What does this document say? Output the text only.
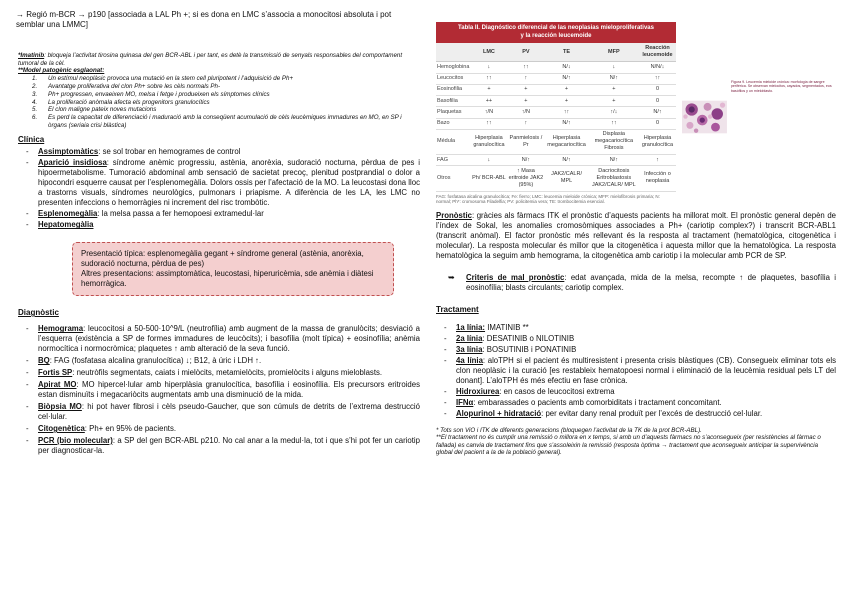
→ Regió m-BCR → p190 [associada a LAL Ph +; si es dona en LMC s’associa a monocitosi absoluta i pot semblar una LMMC]
*Imatinib: bloqueja l’activitat tirosina quinasa del gen BCR-ABL i per tant, es detè la transmissió de senyals responsables del comportament tumoral de la cèl.
**Model patogènic esglaonat:
1.	Un estímul neoplàsic provoca una mutació en la stem cell pluripotent i l’adquisició de Ph+
2.	Avantatge proliferativa del clon Ph+ sobre les cèls normals Ph-
3.	Ph+ progressen, envaeixen MO, melsa i fetge i produeixen els símptomes clínics
4.	La proliferació anòmala afecta els progenitors granulocítics
5.	El clon maligne pateix noves mutacions
6.	Es perd la capacitat de diferenciació i maduració amb la conseqüent acumulació de cèls leucèmiques immadures en MO, en SP i òrgans (seriaia crisi blàstica)
Clínica
-	Assimptomàtics: se sol trobar en hemogrames de control
-	Aparició insidiosa: síndrome anèmic progressiu, astènia, anorèxia, sudoració nocturna, pèrdua de pes i hipoermetabolisme. Tumoració abdominal amb sensació de sacietat precoç, plenitud postprandial o dolor a hipocondri esquerre causat per l’esplenomegàlia. Dolors ossis per l’afectació de la MO. La leucostasi dona lloc a trastorns visuals, síndromes neurològics, pulmonars i priapisme. A diferència de les LA, les LMC no presenten infeccions o hemorràgies ni increment del risc trombòtic.
-	Esplenomegàlia: la melsa passa a fer hemopoesi extramedul·lar
-	Hepatomegàlia
Presentació típica: esplenomegàlia gegant + síndrome general (astènia, anorèxia, sudoració nocturna, pèrdua de pes)
Altres presentacions: assimptomàtica, leucostasi, hiperuricèmia, sde anèmia i diàtesi hemorràgica.
Diagnòstic
-	Hemograma: leucocitosi a 50-500·10^9/L (neutrofília) amb augment de la massa de granulòcits; desviació a l’esquerra (existència a SP de formes immadures de leucòcits); i basofília (molt típica) + eosinofília; anèmia normocítica i normocròmica; plaquetes ↑ amb alteració de la seva funció.
-	BQ: FAG (fosfatasa alcalina granulocítica) ↓; B12, à úric i LDH ↑.
-	Fortis SP: neutròfils segmentats, caiats i mielòcits, metamielòcits, promielòcits i alguns mieloblasts.
-	Apirat MO: MO hipercel·lular amb hiperplàsia granulocítica, basofília i eosinofília. Els precursors eritroides estan disminuïts i megacariòcits augmentats amb una disminució de la mida.
-	Biòpsia MO: hi pot haver fibrosi i cèls pseudo-Gaucher, que son cúmuls de detrits de l’extrema destrucció cel·lular.
-	Citogenètica: Ph+ en 95% de pacients.
-	PCR (bio molecular): a SP del gen BCR-ABL p210. No cal anar a la medul·la, tot i que s’hi pot fer un cariotip per diagnosticar-la.
Tabla II. Diagnóstico diferencial de las neoplasias mieloproliferativas
y la reacción leucemoide
	LMC	PV	TE	MFP	Reacción leucemoide
Hemoglobina	↓	↑↑	N/↓	↓	N/N/↓
Leucocitos	↑↑	↑	N/↑	N/↑	↑↑
Eosinofilia	+	+	+	+	0
Basofilia	++	+	+	+	0
Plaquetas	↑/N	↑/N	↑↑	↑/↓	N/↑
Bazo	↑↑	↑	N/↑	↑↑	0
Médula	Hiperplasia granulocítica	Panmielosis / Pr	Hiperplasia megacariocítica	Displasia megacariocítica Fibrosis	Hiperplasia granulocítica
FAG	↓	N/↑	N/↑	N/↑	↑
Otros	Ph/ BCR-ABL	↑ Masa eritroide JAK2 (95%)	JAK2/CALR/ MPL	Dacriocitosis Eritroblastosis JAK2/CALR/ MPL	Infección o neoplasia
FAG: fosfatasa alcalina granulocítica; Fe: fierro; LMC: leucemia mieloide crónica; MFP: mielofibrosis primaria; N: normal; Ph*: cromosoma Filadelfia; PV: policitemia vera; TE: trombocitemia esencial.
Figura 9. Leucemia mieloide crónica: morfología de sangre periférica. Se observan mielocitos, cayados, segmentados, eos basófilos y un mieloblasto.
Pronòstic: gràcies als fàrmacs ITK el pronòstic d’aquests pacients ha millorat molt. El pronòstic general depèn de l’índex de Sokal, les anomalies cromosòmiques associades a Ph+ (cariotip complex?) i transcrit BCR-ABL1 (transcrit anòmal). El factor pronòstic més rellevant és la resposta al tractament (hematològica, citogenètica i molecular). La resposta molecular és millor que la citogenètica i aquesta millor que la hematològica. La resposta hematològica la seguim amb hemograma, la citogenètica amb cariotip i la molecular amb PCR de SP.
➥	Criteris de mal pronòstic: edat avançada, mida de la melsa, recompte ↑ de plaquetes, basofília i eosinofília; blasts circulants; cariotip complex.
Tractament
-	1a línia: IMATINIB **
-	2a línia: DESATINIB o NILOTINIB
-	3a línia: BOSUTINIB i PONATINIB
-	4a línia: aloTPH si el pacient és multiresistent i presenta crisis blàstiques (CB). Consegueix eliminar tots els clon neoplàsic i la curació [es restableix hematopoesi normal i eliminació de la leucèmia residual pels LT del donant]. L’aloTPH és més efectiu en fase crònica.
-	Hidroxiurea: en casos de leucocitosi extrema
-	IFNα: embarassades o pacients amb comorbiditats i tractament concomitant.
-	Alopurinol + hidratació: per evitar dany renal produït per l’excés de destrucció cel·lular.
* Tots son ViO i ITK de diferents generacions (bloquegen l’activitat de la TK de la prot BCR-ABL).
**El tractament no és cumplir una remissió o millora en x temps, si amb un d’aquests fàrmacs no s’aconsegueix (per resistències al fàrmac o fallada) es canvia de tractament fins que s’assoleixin la remissió (resposta òptima → tractament que aconsegueix anticipar la supervivència global del pacient a la de la població general).
